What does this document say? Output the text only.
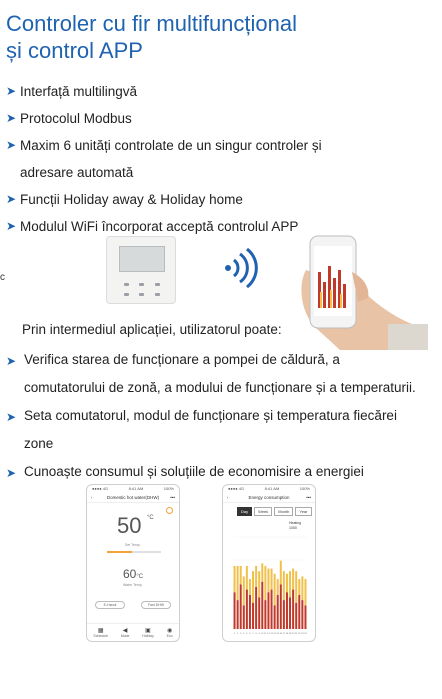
Controler cu fir multifuncțional
și control APP
➤ Interfață multilingvă
➤ Protocolul Modbus
➤ Maxim 6 unități controlate de un singur controler și
adresare automată
➤ Funcții Holiday away & Holiday home
➤ Modulul WiFi încorporat acceptă controlul APP
c
Prin intermediul aplicației, utilizatorul poate:
➤ Verifica starea de funcționare a pompei de căldură, a
comutatorului de zonă, a modului de funcționare și a temperaturii.
➤ Seta comutatorul, modul de funcționare și temperatura fiecărei
zone
➤ Cunoaște consumul și soluțiile de economisire a energiei
●●●● 4G	8:41 AM	100%
‹	Domestic hot water(DHW) •••
50 °C
Set Temp.
60°C
Water Temp.
E-Hanul	Fast DHW
▦
Schedule
◀
Mode
▣
Holiday
◉
Eco
●●●● 4G	8:41 AM	100%
‹	Energy consumption	•••
Day	Week	Month	Year
Heating
1000
1 2 3 4 5 6 7 8 9 10 11 12 13 14 15 16 17 18 19 20 21 22 23 24
